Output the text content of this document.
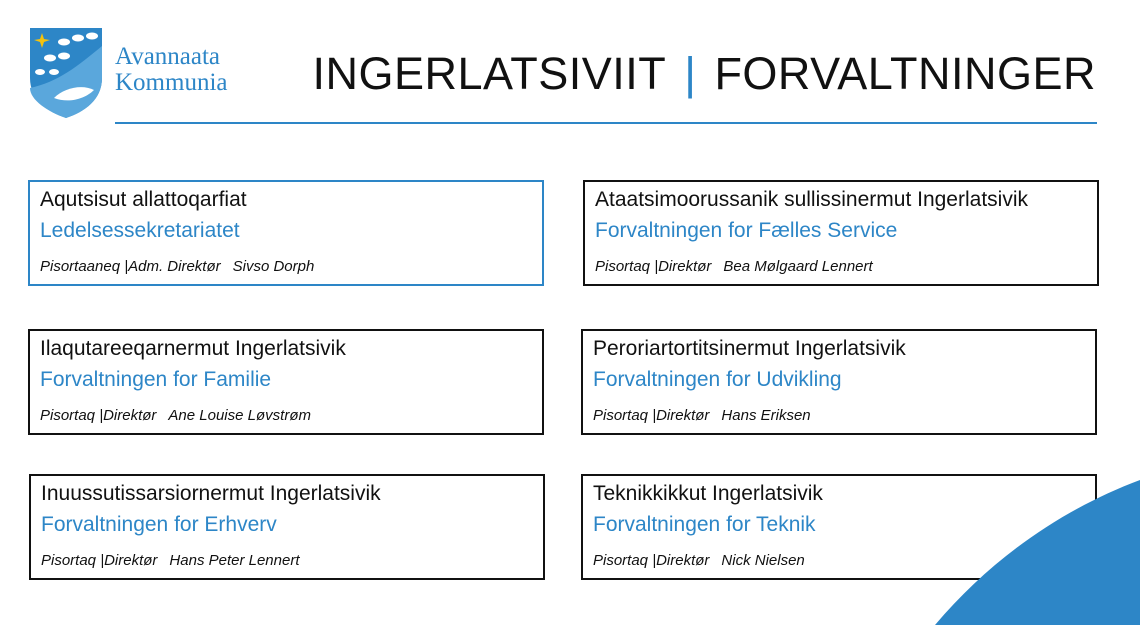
Avannaata
Kommunia INGERLATSIVIIT | FORVALTNINGER
Aqutsisut allattoqarfiat
Ledelsessekretariatet
Pisortaaneq |Adm. Direktør Sivso Dorph
Ataatsimoorussanik sullissinermut Ingerlatsivik
Forvaltningen for Fælles Service
Pisortaq |Direktør Bea Mølgaard Lennert
Ilaqutareeqarnermut Ingerlatsivik
Forvaltningen for Familie
Pisortaq |Direktør Ane Louise Løvstrøm
Peroriartortitsinermut Ingerlatsivik
Forvaltningen for Udvikling
Pisortaq |Direktør Hans Eriksen
Inuussutissarsiornermut Ingerlatsivik
Forvaltningen for Erhverv
Pisortaq |Direktør Hans Peter Lennert
Teknikkikkut Ingerlatsivik
Forvaltningen for Teknik
Pisortaq |Direktør Nick Nielsen
